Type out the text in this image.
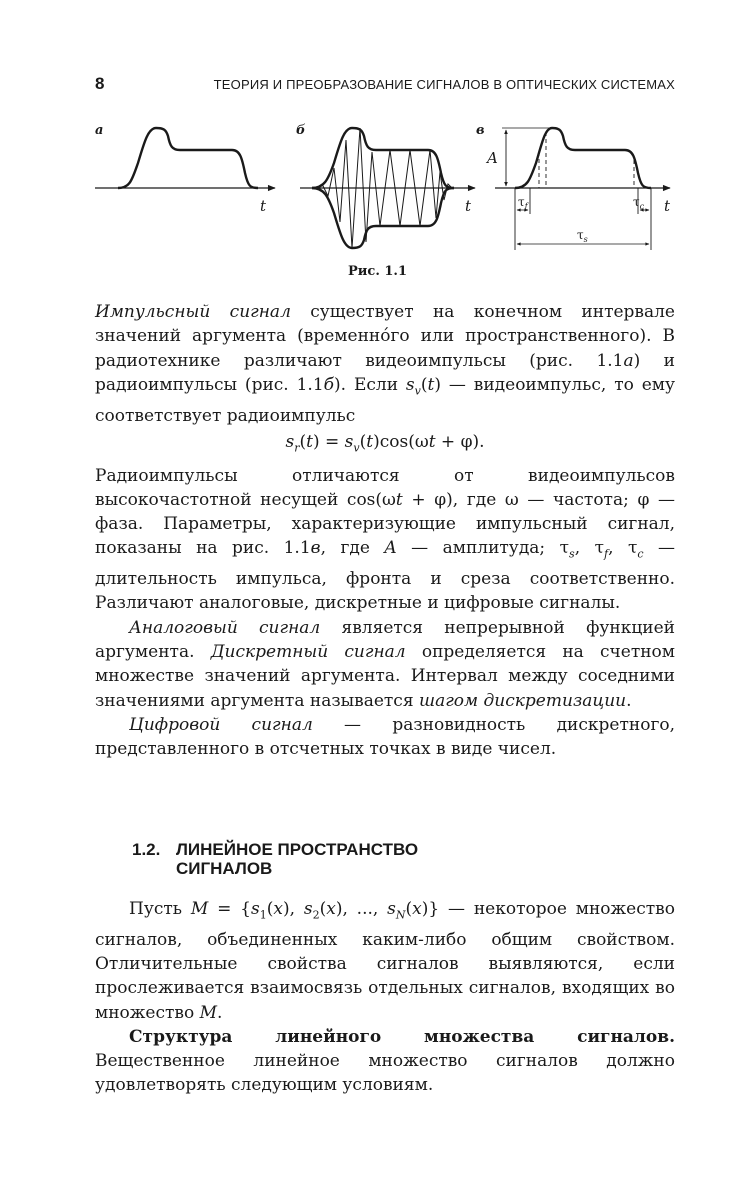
8	ТЕОРИЯ И ПРЕОБРАЗОВАНИЕ СИГНАЛОВ В ОПТИЧЕСКИХ СИСТЕМАХ
а
t
б
t
в
A
$\tau_f$	$\tau_c$ t
$\tau_s$
Рис. 1.1

Импульсный сигнал существует на конечном интервале значений аргумента (временнóго или пространственного). В радиотехнике различают видеоимпульсы (рис. 1.1а) и радиоимпульсы (рис. 1.1б). Если $s_v(t)$ — видеоимпульс, то ему соответствует радиоимпульс

$s_r(t) = s_v(t)\cos(\omega t + \varphi)$.

Радиоимпульсы отличаются от видеоимпульсов высокочастотной несущей cos(ωt + φ), где ω — частота; φ — фаза. Параметры, характеризующие импульсный сигнал, показаны на рис. 1.1в, где A — амплитуда; $\tau_s$, $\tau_f$, $\tau_c$ — длительность импульса, фронта и среза соответственно. Различают аналоговые, дискретные и цифровые сигналы.

Аналоговый сигнал является непрерывной функцией аргумента. Дискретный сигнал определяется на счетном множестве значений аргумента. Интервал между соседними значениями аргумента называется шагом дискретизации.

Цифровой сигнал — разновидность дискретного, представленного в отсчетных точках в виде чисел.

1.2. ЛИНЕЙНОЕ ПРОСТРАНСТВО
СИГНАЛОВ

Пусть $M = \{s_1(x)$, $s_2(x)$, ..., $s_N(x)$} — некоторое множество сигналов, объединенных каким-либо общим свойством. Отличительные свойства сигналов выявляются, если прослеживается взаимосвязь отдельных сигналов, входящих во множество M.

Структура линейного множества сигналов. Вещественное линейное множество сигналов должно удовлетворять следующим условиям.
